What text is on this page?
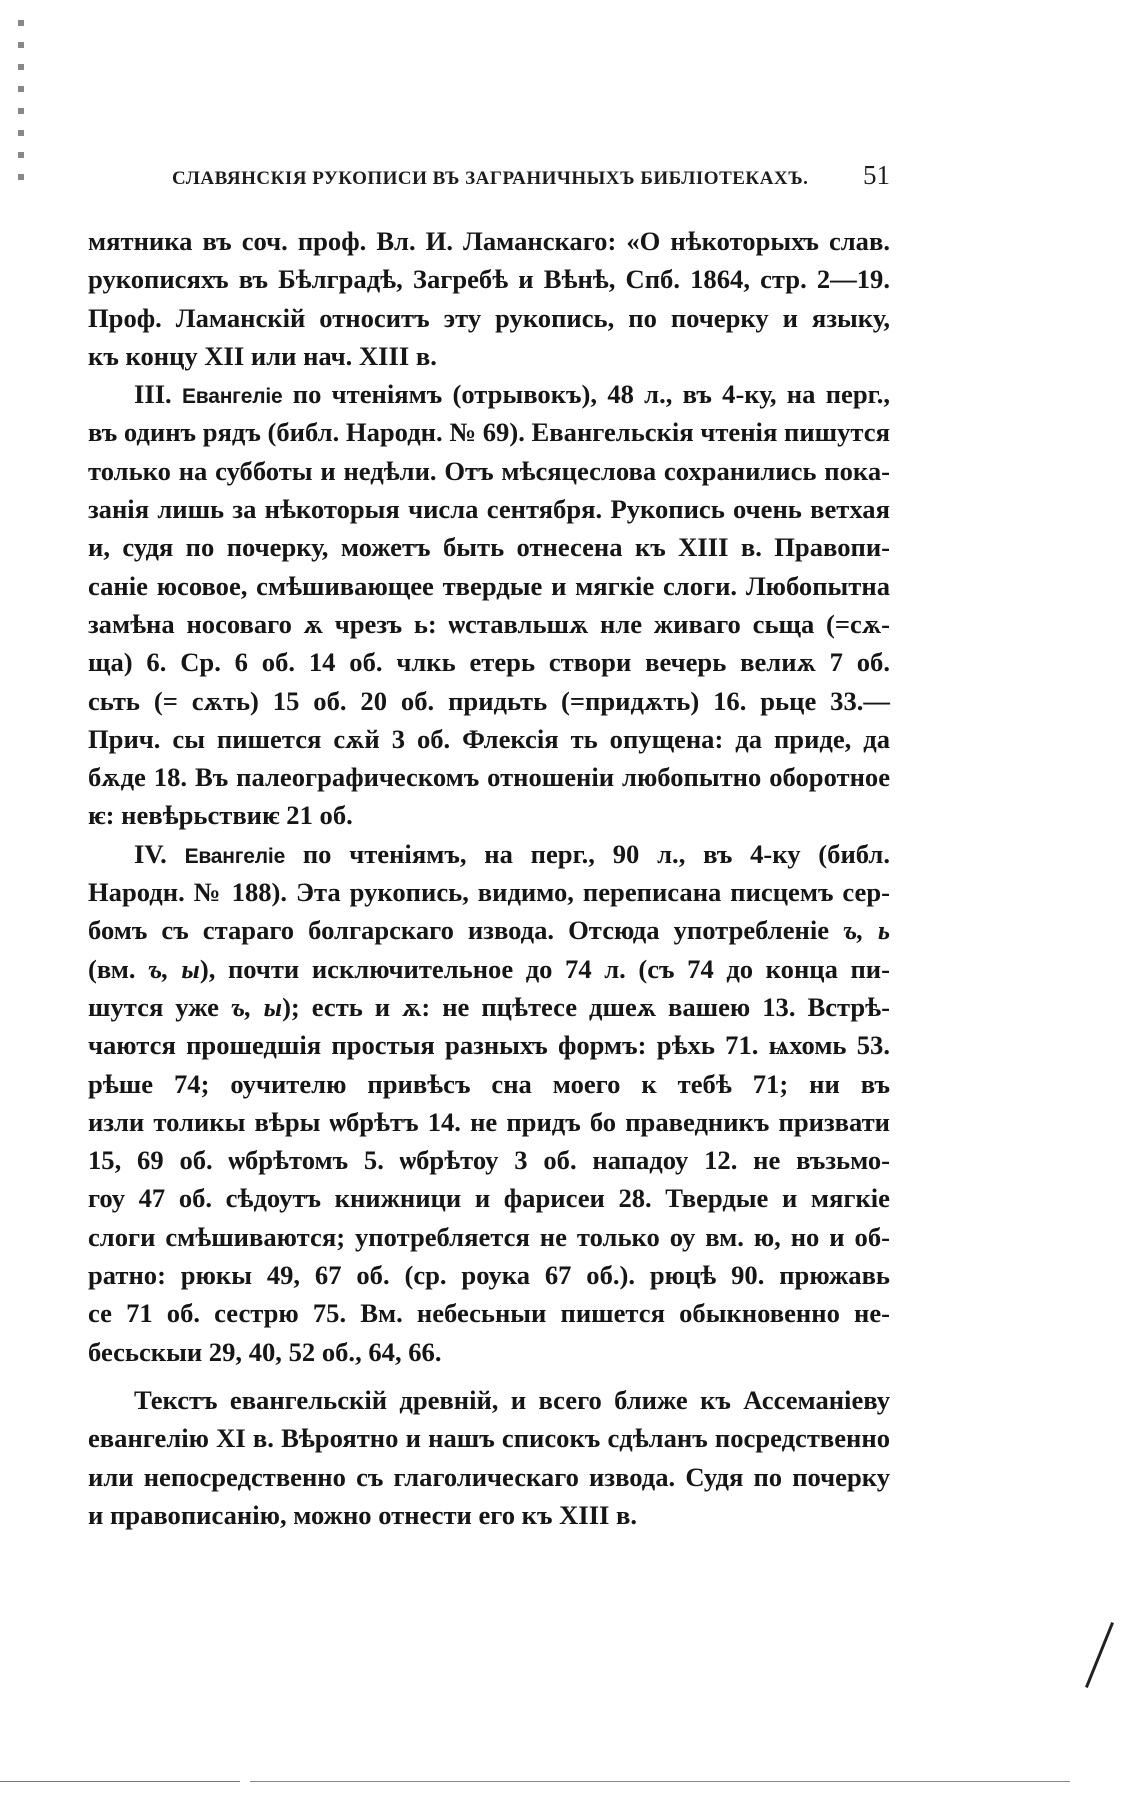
СЛАВЯНСКІЯ РУКОПИСИ ВЪ ЗАГРАНИЧНЫХЪ БИБЛІОТЕКАХЪ. 51
мятника въ соч. проф. Вл. И. Ламанскаго: «О нѣкоторыхъ слав.
рукописяхъ въ Бѣлградѣ, Загребѣ и Вѣнѣ, Спб. 1864, стр. 2—19.
Проф. Ламанскій относитъ эту рукопись, по почерку и языку,
къ концу XII или нач. XIII в.
III. Евангеліе по чтеніямъ (отрывокъ), 48 л., въ 4-ку, на перг.,
въ одинъ рядъ (библ. Народн. № 69). Евангельскія чтенія пишутся
только на субботы и недѣли. Отъ мѣсяцеслова сохранились пока-
занія лишь за нѣкоторыя числа сентября. Рукопись очень ветхая
и, судя по почерку, можетъ быть отнесена къ XIII в. Правопи-
саніе юсовое, смѣшивающее твердые и мягкіе слоги. Любопытна
замѣна носоваго ѫ чрезъ ь: ѡставльшѫ нле живаго сьща (=сѫ-
ща) 6. Ср. 6 об. 14 об. члкь етерь створи вечерь велиѫ 7 об.
сьть (= сѫть) 15 об. 20 об. придьть (=придѫть) 16. рьце 33.—
Прич. сы пишется сѫй 3 об. Флексія ть опущена: да приде, да
бѫде 18. Въ палеографическомъ отношеніи любопытно оборотное
ѥ: невѣрьствиѥ 21 об.
IV. Евангеліе по чтеніямъ, на перг., 90 л., въ 4-ку (библ.
Народн. № 188). Эта рукопись, видимо, переписана писцемъ сер-
бомъ съ стараго болгарскаго извода. Отсюда употребленіе ъ, ь
(вм. ъ, ы), почти исключительное до 74 л. (съ 74 до конца пи-
шутся уже ъ, ы); есть и ѫ: не пцѣтесе дшеѫ вашею 13. Встрѣ-
чаются прошедшія простыя разныхъ формъ: рѣхь 71. ѩхомь 53.
рѣше 74; оучителю привѣсъ сна моего к тебѣ 71; ни въ
изли толикы вѣры ѡбрѣтъ 14. не придъ бо праведникъ призвати
15, 69 об. ѡбрѣтомъ 5. ѡбрѣтоу 3 об. нападоу 12. не възьмо-
гоу 47 об. сѣдоутъ книжници и фарисеи 28. Твердые и мягкіе
слоги смѣшиваются; употребляется не только оу вм. ю, но и об-
ратно: рюкы 49, 67 об. (ср. роука 67 об.). рюцѣ 90. прюжавь
се 71 об. сестрю 75. Вм. небесьныи пишется обыкновенно не-
бесьскыи 29, 40, 52 об., 64, 66.
Текстъ евангельскій древній, и всего ближе къ Ассеманіеву
евангелію XI в. Вѣроятно и нашъ списокъ сдѣланъ посредственно
или непосредственно съ глаголическаго извода. Судя по почерку
и правописанію, можно отнести его къ XIII в.
